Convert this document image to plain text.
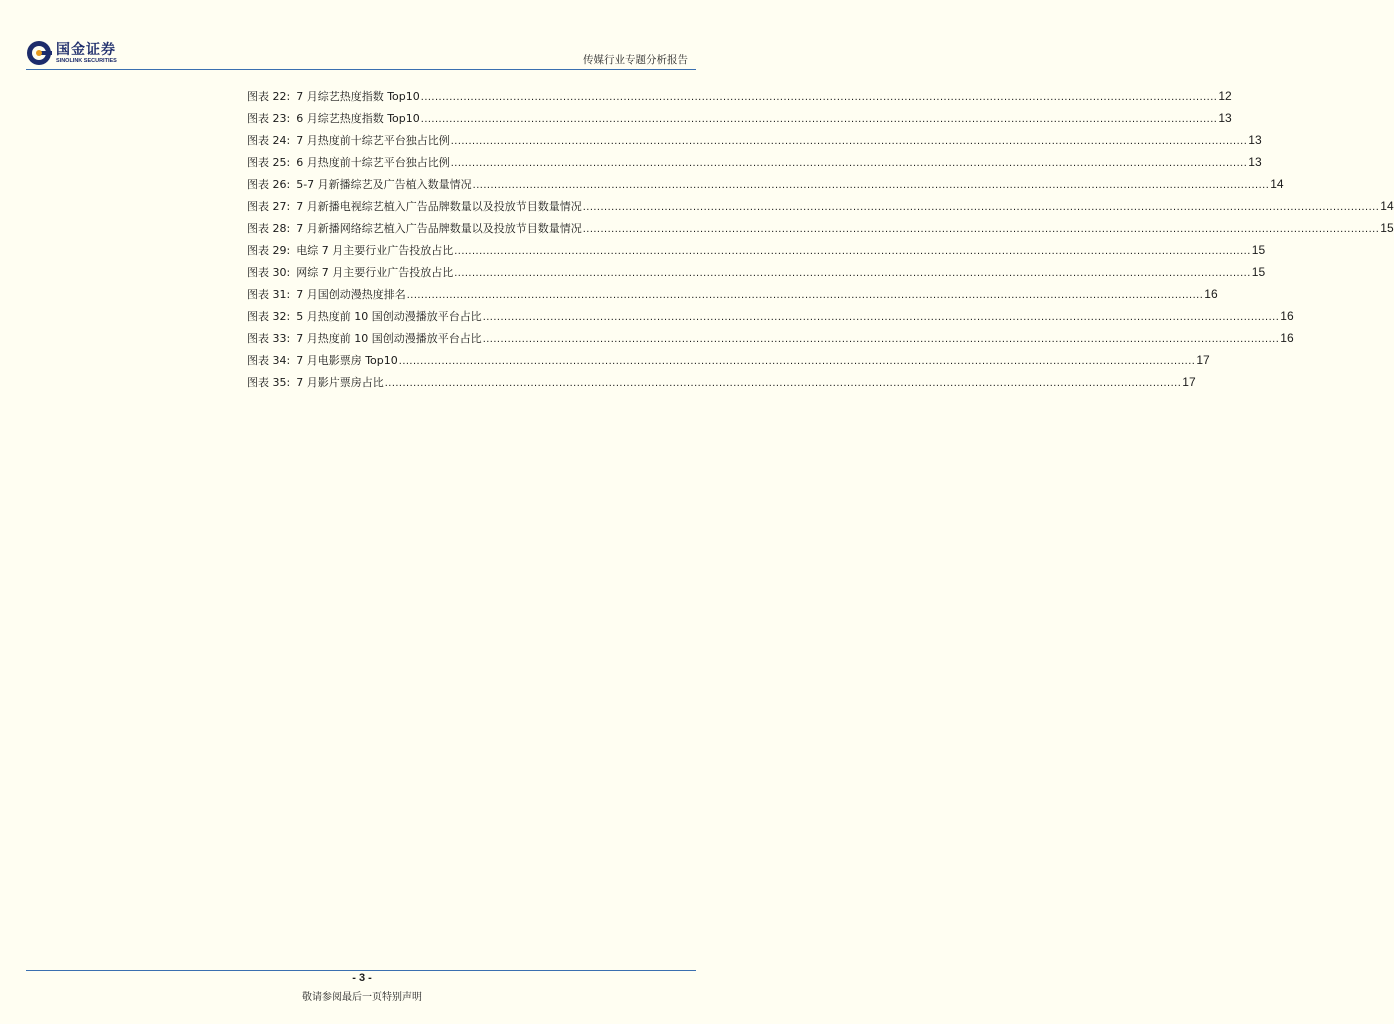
国金证券
SINOLINK SECURITIES	传媒行业专题分析报告
图表 22: 7 月综艺热度指数 Top10 .....	12
图表 23: 6 月综艺热度指数 Top10 .....	13
图表 24: 7 月热度前十综艺平台独占比例 .....	13
图表 25: 6 月热度前十综艺平台独占比例 .....	13
图表 26: 5-7 月新播综艺及广告植入数量情况 .....	14
图表 27: 7 月新播电视综艺植入广告品牌数量以及投放节目数量情况 .....	14
图表 28: 7 月新播网络综艺植入广告品牌数量以及投放节目数量情况 .....	15
图表 29: 电综 7 月主要行业广告投放占比 .....	15
图表 30: 网综 7 月主要行业广告投放占比 .....	15
图表 31: 7 月国创动漫热度排名 .....	16
图表 32: 5 月热度前 10 国创动漫播放平台占比 .....	16
图表 33: 7 月热度前 10 国创动漫播放平台占比 .....	16
图表 34: 7 月电影票房 Top10 .....	17
图表 35: 7 月影片票房占比 .....	17
- 3 -
敬请参阅最后一页特别声明
